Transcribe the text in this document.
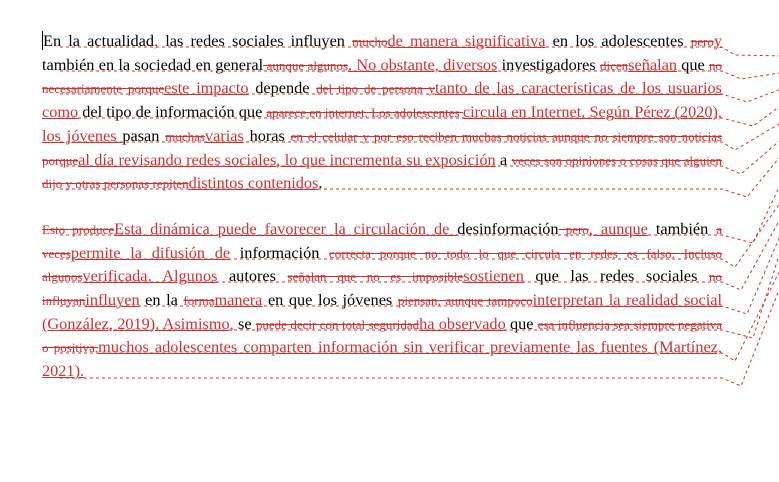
En la actualidad, las redes sociales influyen muchode manera significativa en los adolescentes peroy también en la sociedad en general aunque algunos. No obstante, diversos investigadores dicenseñalan que no necesariamente porqueeste impacto depende del tipo de persona ytanto de las características de los usuarios como del tipo de información que aparece en internet. Los adolescentes circula en Internet. Según Pérez (2020), los jóvenes pasan muchasvarias horas en el celular y por eso reciben muchas noticias aunque no siempre son noticias porqueal día revisando redes sociales, lo que incrementa su exposición a veces son opiniones o cosas que alguien dijo y otras personas repitendistintos contenidos.

Esto produceEsta dinámica puede favorecer la circulación de desinformación pero, aunque también a vecespermite la difusión de información correcta porque no todo lo que circula en redes es falso. Incluso algunosverificada. Algunos autores señalan que no es imposiblesostienen que las redes sociales no influyaninfluyen en la formamanera en que los jóvenes piensan, aunque tampocointerpretan la realidad social (González, 2019). Asimismo, se puede decir con total seguridadha observado que esa influencia sea siempre negativa o positiva.muchos adolescentes comparten información sin verificar previamente las fuentes (Martínez, 2021).
